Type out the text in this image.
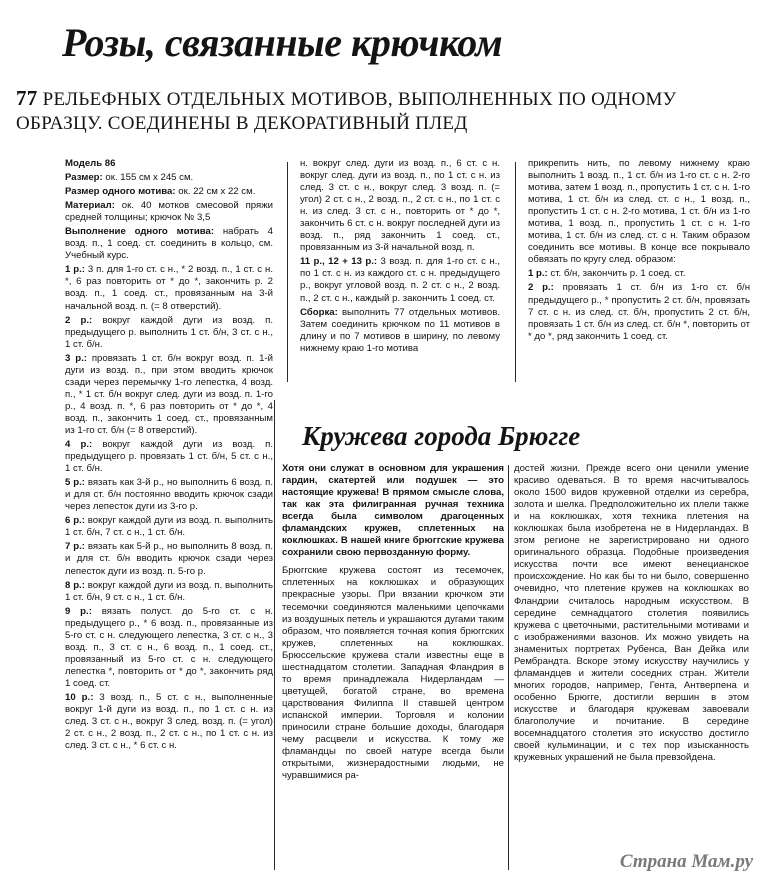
Розы, связанные крючком
77 РЕЛЬЕФНЫХ ОТДЕЛЬНЫХ МОТИВОВ, ВЫПОЛНЕННЫХ ПО ОДНОМУ ОБРАЗЦУ. СОЕДИНЕНЫ В ДЕКОРАТИВНЫЙ ПЛЕД

Модель 86

Размер: ок. 155 см х 245 см.

Размер одного мотива: ок. 22 см х 22 см.

Материал: ок. 40 мотков смесовой пряжи средней толщины; крючок № 3,5

Выполнение одного мотива: набрать 4 возд. п., 1 соед. ст. соединить в кольцо, см. Учебный курс.

1 р.: 3 п. для 1-го ст. с н., * 2 возд. п., 1 ст. с н. *, 6 раз повторить от * до *, закончить р. 2 возд. п., 1 соед. ст., провязанным на 3-й начальной возд. п. (= 8 отверстий).

2 р.: вокруг каждой дуги из возд. п. предыдущего р. выполнить 1 ст. б/н, 3 ст. с н., 1 ст. б/н.

3 р.: провязать 1 ст. б/н вокруг возд. п. 1-й дуги из возд. п., при этом вводить крючок сзади через перемычку 1-го лепестка, 4 возд. п., * 1 ст. б/н вокруг след. дуги из возд. п. 1-го р., 4 возд. п. *, 6 раз повторить от * до *, 4 возд. п., закончить 1 соед. ст., провязанным из 1-го ст. б/н (= 8 отверстий).

4 р.: вокруг каждой дуги из возд. п. предыдущего р. провязать 1 ст. б/н, 5 ст. с н., 1 ст. б/н.

5 р.: вязать как 3-й р., но выполнить 6 возд. п. и для ст. б/н постоянно вводить крючок сзади через лепесток дуги из 3-го р.

6 р.: вокруг каждой дуги из возд. п. выполнить 1 ст. б/н, 7 ст. с н., 1 ст. б/н.

7 р.: вязать как 5-й р., но выполнить 8 возд. п. и для ст. б/н вводить крючок сзади через лепесток дуги из возд. п. 5-го р.

8 р.: вокруг каждой дуги из возд. п. выполнить 1 ст. б/н, 9 ст. с н., 1 ст. б/н.

9 р.: вязать полуст. до 5-го ст. с н. предыдущего р., * 6 возд. п., провязанные из 5-го ст. с н. следующего лепестка, 3 ст. с н., 3 возд. п., 3 ст. с н., 6 возд. п., 1 соед. ст., провязанный из 5-го ст. с н. следующего лепестка *, повторить от * до *, закончить ряд 1 соед. ст.

10 р.: 3 возд. п., 5 ст. с н., выполненные вокруг 1-й дуги из возд. п., по 1 ст. с н. из след. 3 ст. с н., вокруг 3 след. возд. п. (= угол) 2 ст. с н., 2 возд. п., 2 ст. с н., по 1 ст. с н. из след. 3 ст. с н., * 6 ст. с н.

н. вокруг след. дуги из возд. п., 6 ст. с н. вокруг след. дуги из возд. п., по 1 ст. с н. из след. 3 ст. с н., вокруг след. 3 возд. п. (= угол) 2 ст. с н., 2 возд. п., 2 ст. с н., по 1 ст. с н. из след. 3 ст. с н., повторить от * до *, закончить 6 ст. с н. вокруг последней дуги из возд. п., ряд закончить 1 соед. ст., провязанным из 3-й начальной возд. п.

11 р., 12 + 13 р.: 3 возд. п. для 1-го ст. с н., по 1 ст. с н. из каждого ст. с н. предыдущего р., вокруг угловой возд. п. 2 ст. с н., 2 возд. п., 2 ст. с н., каждый р. закончить 1 соед. ст.

Сборка: выполнить 77 отдельных мотивов. Затем соединить крючком по 11 мотивов в длину и по 7 мотивов в ширину, по левому нижнему краю 1-го мотива

прикрепить нить, по левому нижнему краю выполнить 1 возд. п., 1 ст. б/н из 1-го ст. с н. 2-го мотива, затем 1 возд. п., пропустить 1 ст. с н. 1-го мотива, 1 ст. б/н из след. ст. с н., 1 возд. п., пропустить 1 ст. с н. 2-го мотива, 1 ст. б/н из 1-го мотива, 1 возд. п., пропустить 1 ст. с н. 1-го мотива, 1 ст. б/н из след. ст. с н. Таким образом соединить все мотивы. В конце все покрывало обвязать по кругу след. образом:

1 р.: ст. б/н, закончить р. 1 соед. ст.

2 р.: провязать 1 ст. б/н из 1-го ст. б/н предыдущего р., * пропустить 2 ст. б/н, провязать 7 ст. с н. из след. ст. б/н, пропустить 2 ст. б/н, провязать 1 ст. б/н из след. ст. б/н *, повторить от * до *, ряд закончить 1 соед. ст.

Кружева города Брюгге

Хотя они служат в основном для украшения гардин, скатертей или подушек — это настоящие кружева! В прямом смысле слова, так как эта филигранная ручная техника всегда была символом драгоценных фламандских кружев, сплетенных на коклюшках. В нашей книге брюггские кружева сохранили свою первозданную форму.

Брюггские кружева состоят из тесемочек, сплетенных на коклюшках и образующих прекрасные узоры. При вязании крючком эти тесемочки соединяются маленькими цепочками из воздушных петель и украшаются дугами таким образом, что появляется точная копия брюггских кружев, сплетенных на коклюшках. Брюссельские кружева стали известны еще в шестнадцатом столетии. Западная Фландрия в то время принадлежала Нидерландам — цветущей, богатой стране, во времена царствования Филиппа II ставшей центром испанской империи. Торговля и колонии приносили стране большие доходы, благодаря чему расцвели и искусства. К тому же фламандцы по своей натуре всегда были открытыми, жизнерадостными людьми, не чуравшимися ра-

достей жизни. Прежде всего они ценили умение красиво одеваться. В то время насчитывалось около 1500 видов кружевной отделки из серебра, золота и шелка. Предположительно их плели также и на коклюшках, хотя техника плетения на коклюшках была изобретена не в Нидерландах. В этом регионе не зарегистрировано ни одного оригинального образца. Подобные произведения искусства почти все имеют венецианское происхождение. Но как бы то ни было, совершенно очевидно, что плетение кружев на коклюшках во Фландрии считалось народным искусством. В середине семнадцатого столетия появились кружева с цветочными, растительными мотивами и с изображениями вазонов. Их можно увидеть на знаменитых портретах Рубенса, Ван Дейка или Рембрандта. Вскоре этому искусству научились у фламандцев и жители соседних стран. Жители многих городов, например, Гента, Антверпена и особенно Брюгге, достигли вершин в этом искусстве и благодаря кружевам завоевали благополучие и почитание. В середине восемнадцатого столетия это искусство достигло своей кульминации, и с тех пор изысканность кружевных украшений не была превзойдена.

Страна Мам.ру
